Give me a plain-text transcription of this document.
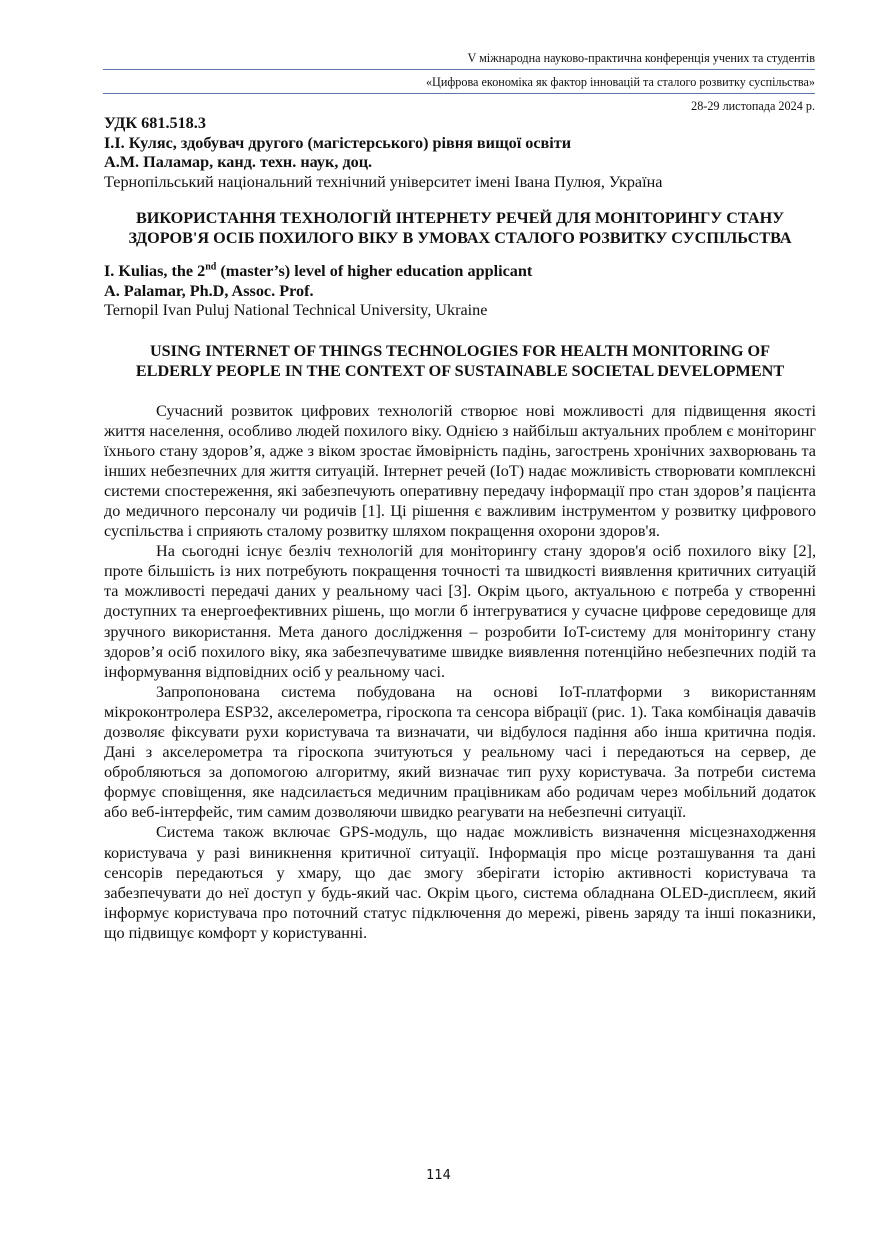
V міжнародна науково-практична конференція учених та студентів
«Цифрова економіка як фактор інновацій та сталого розвитку суспільства»
28-29 листопада 2024 р.
УДК 681.518.3
І.І. Куляс, здобувач другого (магістерського) рівня вищої освіти
А.М. Паламар, канд. техн. наук, доц.
Тернопільський національний технічний університет імені Івана Пулюя, Україна
ВИКОРИСТАННЯ ТЕХНОЛОГІЙ ІНТЕРНЕТУ РЕЧЕЙ ДЛЯ МОНІТОРИНГУ СТАНУ ЗДОРОВ'Я ОСІБ ПОХИЛОГО ВІКУ В УМОВАХ СТАЛОГО РОЗВИТКУ СУСПІЛЬСТВА
I. Kulias, the 2nd (master’s) level of higher education applicant
A. Palamar, Ph.D, Assoc. Prof.
Ternopil Ivan Puluj National Technical University, Ukraine
USING INTERNET OF THINGS TECHNOLOGIES FOR HEALTH MONITORING OF ELDERLY PEOPLE IN THE CONTEXT OF SUSTAINABLE SOCIETAL DEVELOPMENT

Сучасний розвиток цифрових технологій створює нові можливості для підвищення якості життя населення, особливо людей похилого віку. Однією з найбільш актуальних проблем є моніторинг їхнього стану здоров’я, адже з віком зростає ймовірність падінь, загострень хронічних захворювань та інших небезпечних для життя ситуацій. Інтернет речей (IoT) надає можливість створювати комплексні системи спостереження, які забезпечують оперативну передачу інформації про стан здоров’я пацієнта до медичного персоналу чи родичів [1]. Ці рішення є важливим інструментом у розвитку цифрового суспільства і сприяють сталому розвитку шляхом покращення охорони здоров'я.

На сьогодні існує безліч технологій для моніторингу стану здоров'я осіб похилого віку [2], проте більшість із них потребують покращення точності та швидкості виявлення критичних ситуацій та можливості передачі даних у реальному часі [3]. Окрім цього, актуальною є потреба у створенні доступних та енергоефективних рішень, що могли б інтегруватися у сучасне цифрове середовище для зручного використання. Мета даного дослідження – розробити IoT-систему для моніторингу стану здоров’я осіб похилого віку, яка забезпечуватиме швидке виявлення потенційно небезпечних подій та інформування відповідних осіб у реальному часі.

Запропонована система побудована на основі IoT-платформи з використанням мікроконтролера ESP32, акселерометра, гіроскопа та сенсора вібрації (рис. 1). Така комбінація давачів дозволяє фіксувати рухи користувача та визначати, чи відбулося падіння або інша критична подія. Дані з акселерометра та гіроскопа зчитуються у реальному часі і передаються на сервер, де обробляються за допомогою алгоритму, який визначає тип руху користувача. За потреби система формує сповіщення, яке надсилається медичним працівникам або родичам через мобільний додаток або веб-інтерфейс, тим самим дозволяючи швидко реагувати на небезпечні ситуації.

Система також включає GPS-модуль, що надає можливість визначення місцезнаходження користувача у разі виникнення критичної ситуації. Інформація про місце розташування та дані сенсорів передаються у хмару, що дає змогу зберігати історію активності користувача та забезпечувати до неї доступ у будь-який час. Окрім цього, система обладнана OLED-дисплеєм, який інформує користувача про поточний статус підключення до мережі, рівень заряду та інші показники, що підвищує комфорт у користуванні.

114
